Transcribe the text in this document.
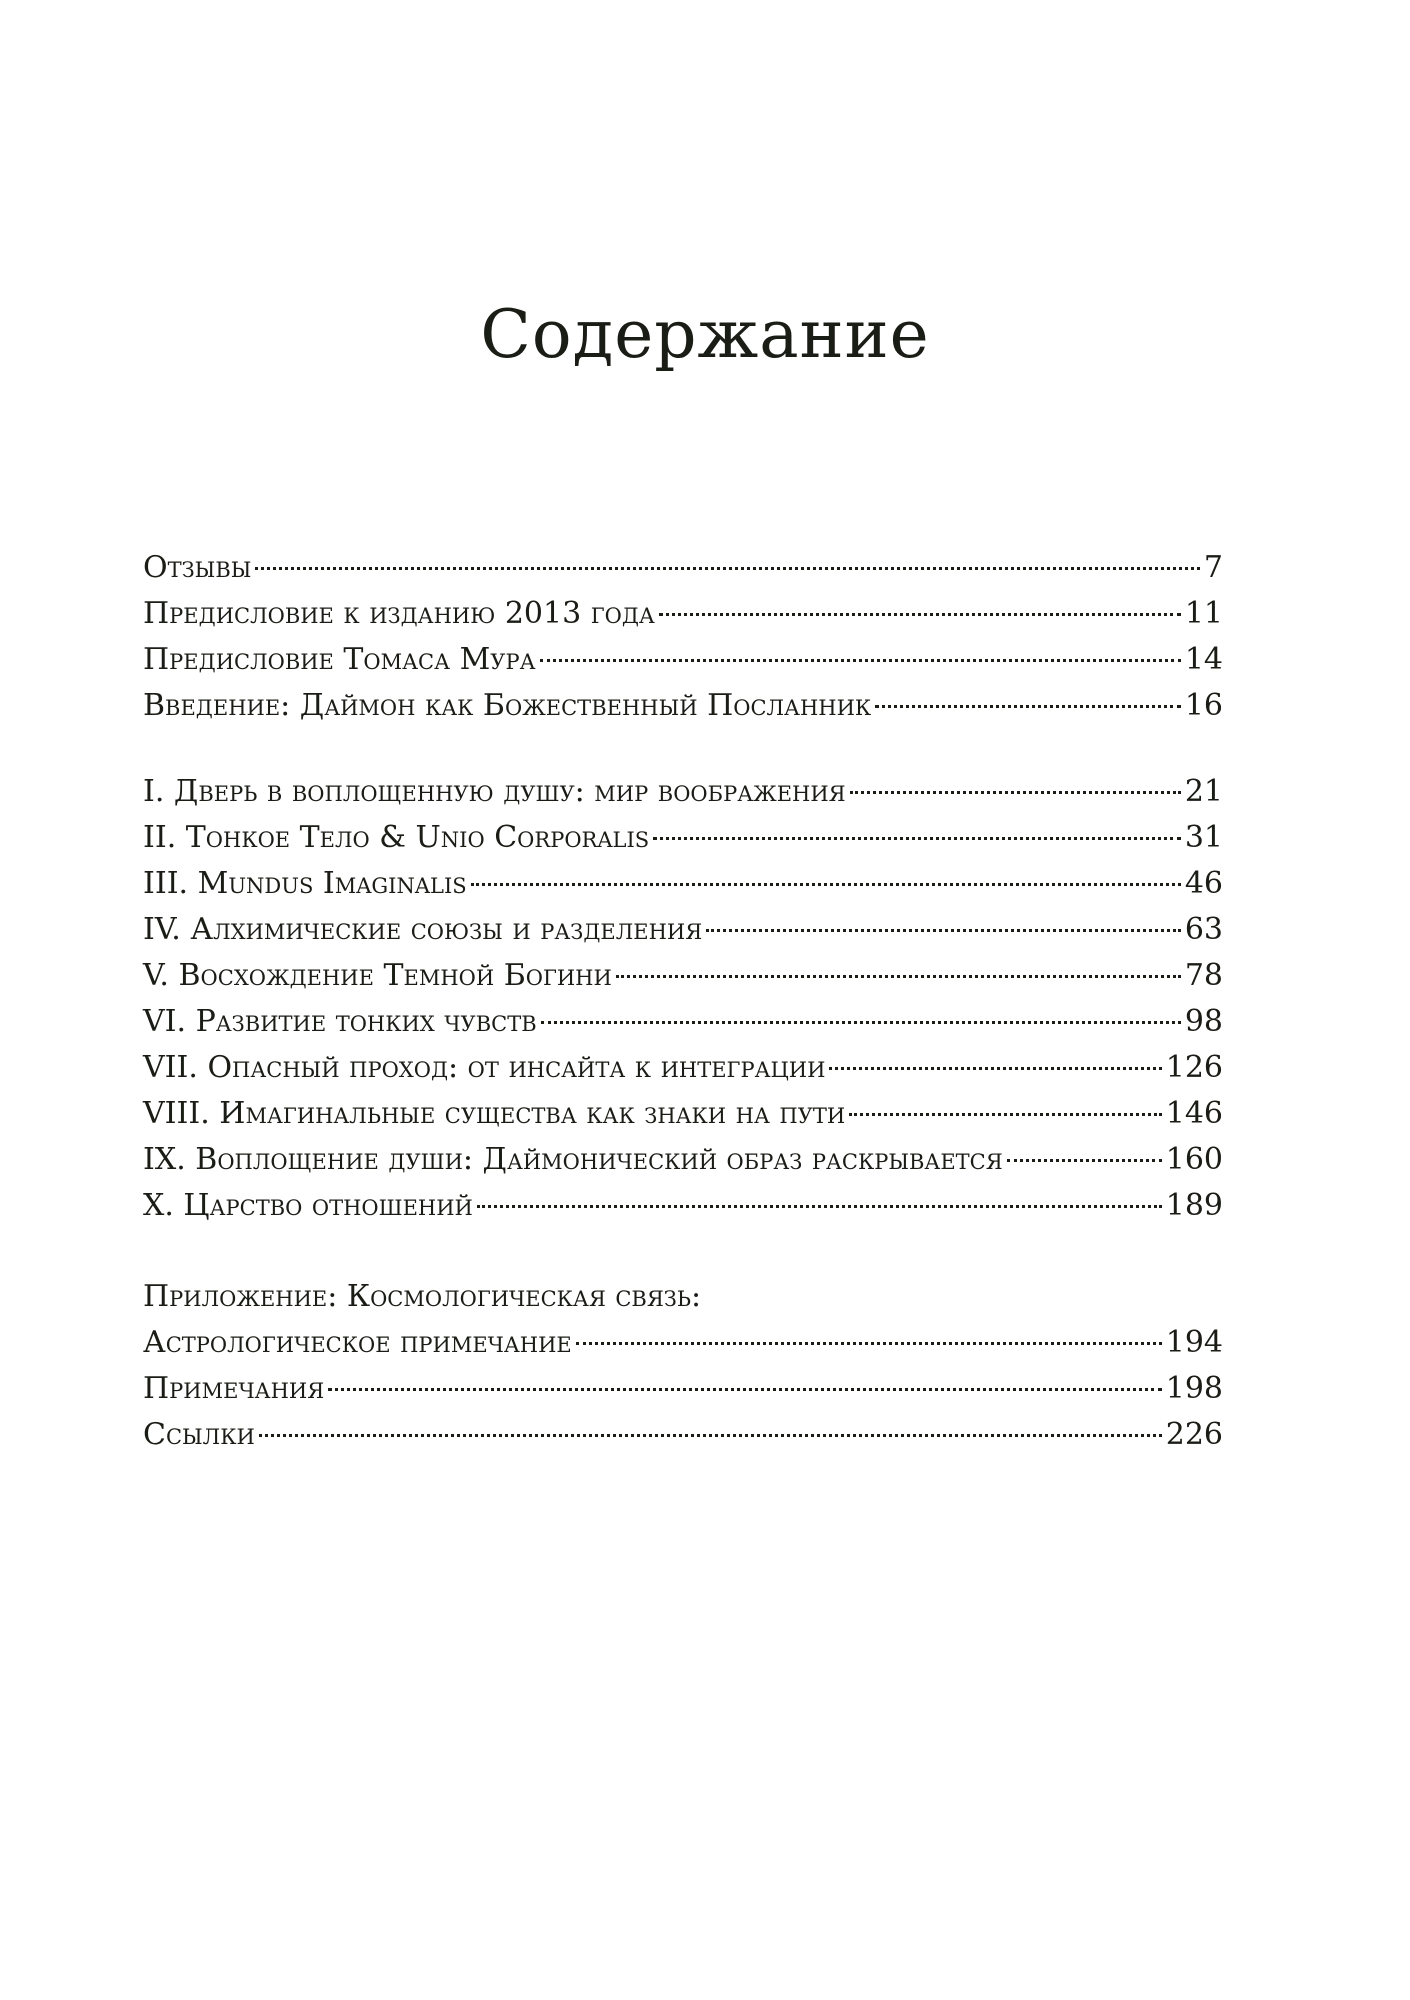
Содержание
Отзывы	7
Предисловие к изданию 2013 года	11
Предисловие Томаса Мура	14
Введение: Даймон как Божественный Посланник	16
I. Дверь в воплощенную душу: мир воображения	21
II. Тонкое Тело & Unio Corporalis	31
III. Mundus Imaginalis	46
IV. Алхимические союзы и разделения	63
V. Восхождение Темной Богини	78
VI. Развитие тонких чувств	98
VII. Опасный проход: от инсайта к интеграции	126
VIII. Имагинальные существа как знаки на пути	146
IX. Воплощение души: Даймонический образ раскрывается	160
X. Царство отношений	189
Приложение: Космологическая связь:
Астрологическое примечание	194
Примечания	198
Ссылки	226
